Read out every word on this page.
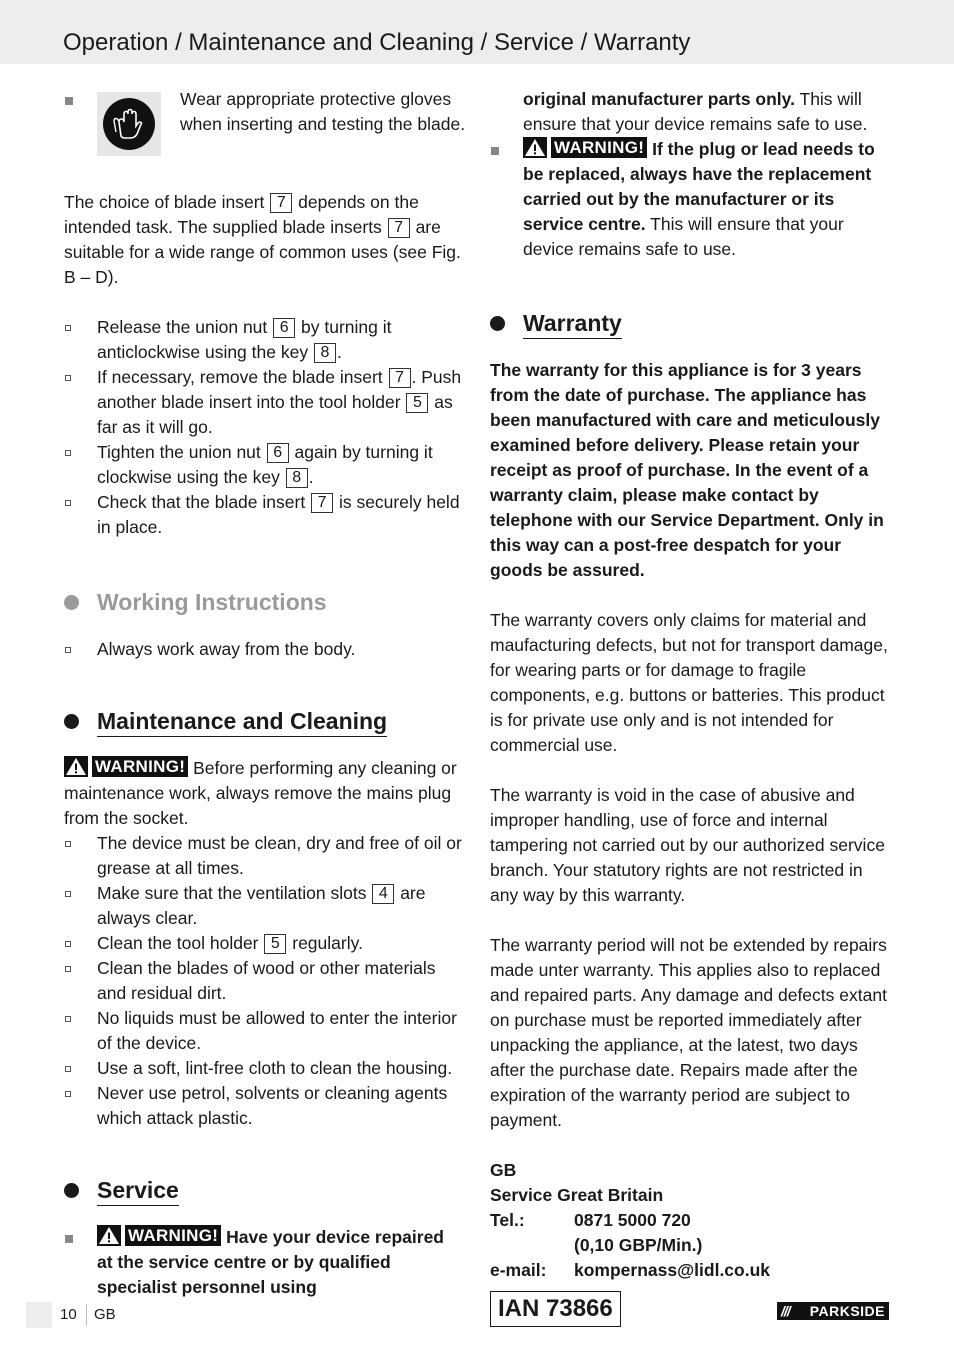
Operation / Maintenance and Cleaning / Service / Warranty

Wear appropriate protective gloves when inserting and testing the blade.

The choice of blade insert 7 depends on the intended task. The supplied blade inserts 7 are suitable for a wide range of common uses (see Fig. B – D).

Release the union nut 6 by turning it anticlockwise using the key 8 .

If necessary, remove the blade insert 7 . Push another blade insert into the tool holder 5 as far as it will go.

Tighten the union nut 6 again by turning it clockwise using the key 8 .

Check that the blade insert 7 is securely held in place.

Working Instructions

Always work away from the body.

Maintenance and Cleaning

WARNING! Before performing any cleaning or maintenance work, always remove the mains plug from the socket.

The device must be clean, dry and free of oil or grease at all times.

Make sure that the ventilation slots 4 are always clear.

Clean the tool holder 5 regularly.

Clean the blades of wood or other materials and residual dirt.

No liquids must be allowed to enter the interior of the device.

Use a soft, lint-free cloth to clean the housing.

Never use petrol, solvents or cleaning agents which attack plastic.

Service

WARNING! Have your device repaired at the service centre or by qualified specialist personnel using

original manufacturer parts only. This will ensure that your device remains safe to use.

WARNING! If the plug or lead needs to be replaced, always have the replacement carried out by the manufacturer or its service centre. This will ensure that your device remains safe to use.

Warranty

The warranty for this appliance is for 3 years from the date of purchase. The appliance has been manufactured with care and meticulously examined before delivery. Please retain your receipt as proof of purchase. In the event of a warranty claim, please make contact by telephone with our Service Department. Only in this way can a post-free despatch for your goods be assured.

The warranty covers only claims for material and maufacturing defects, but not for transport damage, for wearing parts or for damage to fragile components, e.g. buttons or batteries. This product is for private use only and is not intended for commercial use.

The warranty is void in the case of abusive and improper handling, use of force and internal tampering not carried out by our authorized service branch. Your statutory rights are not restricted in any way by this warranty.

The warranty period will not be extended by repairs made unter warranty. This applies also to replaced and repaired parts. Any damage and defects extant on purchase must be reported immediately after unpacking the appliance, at the latest, two days after the purchase date. Repairs made after the expiration of the warranty period are subject to payment.

GB

Service Great Britain

Tel.:	0871 5000 720

(0,10 GBP/Min.)

e-mail: kompernass@lidl.co.uk

IAN 73866
10 GB	/// PARKSIDE
